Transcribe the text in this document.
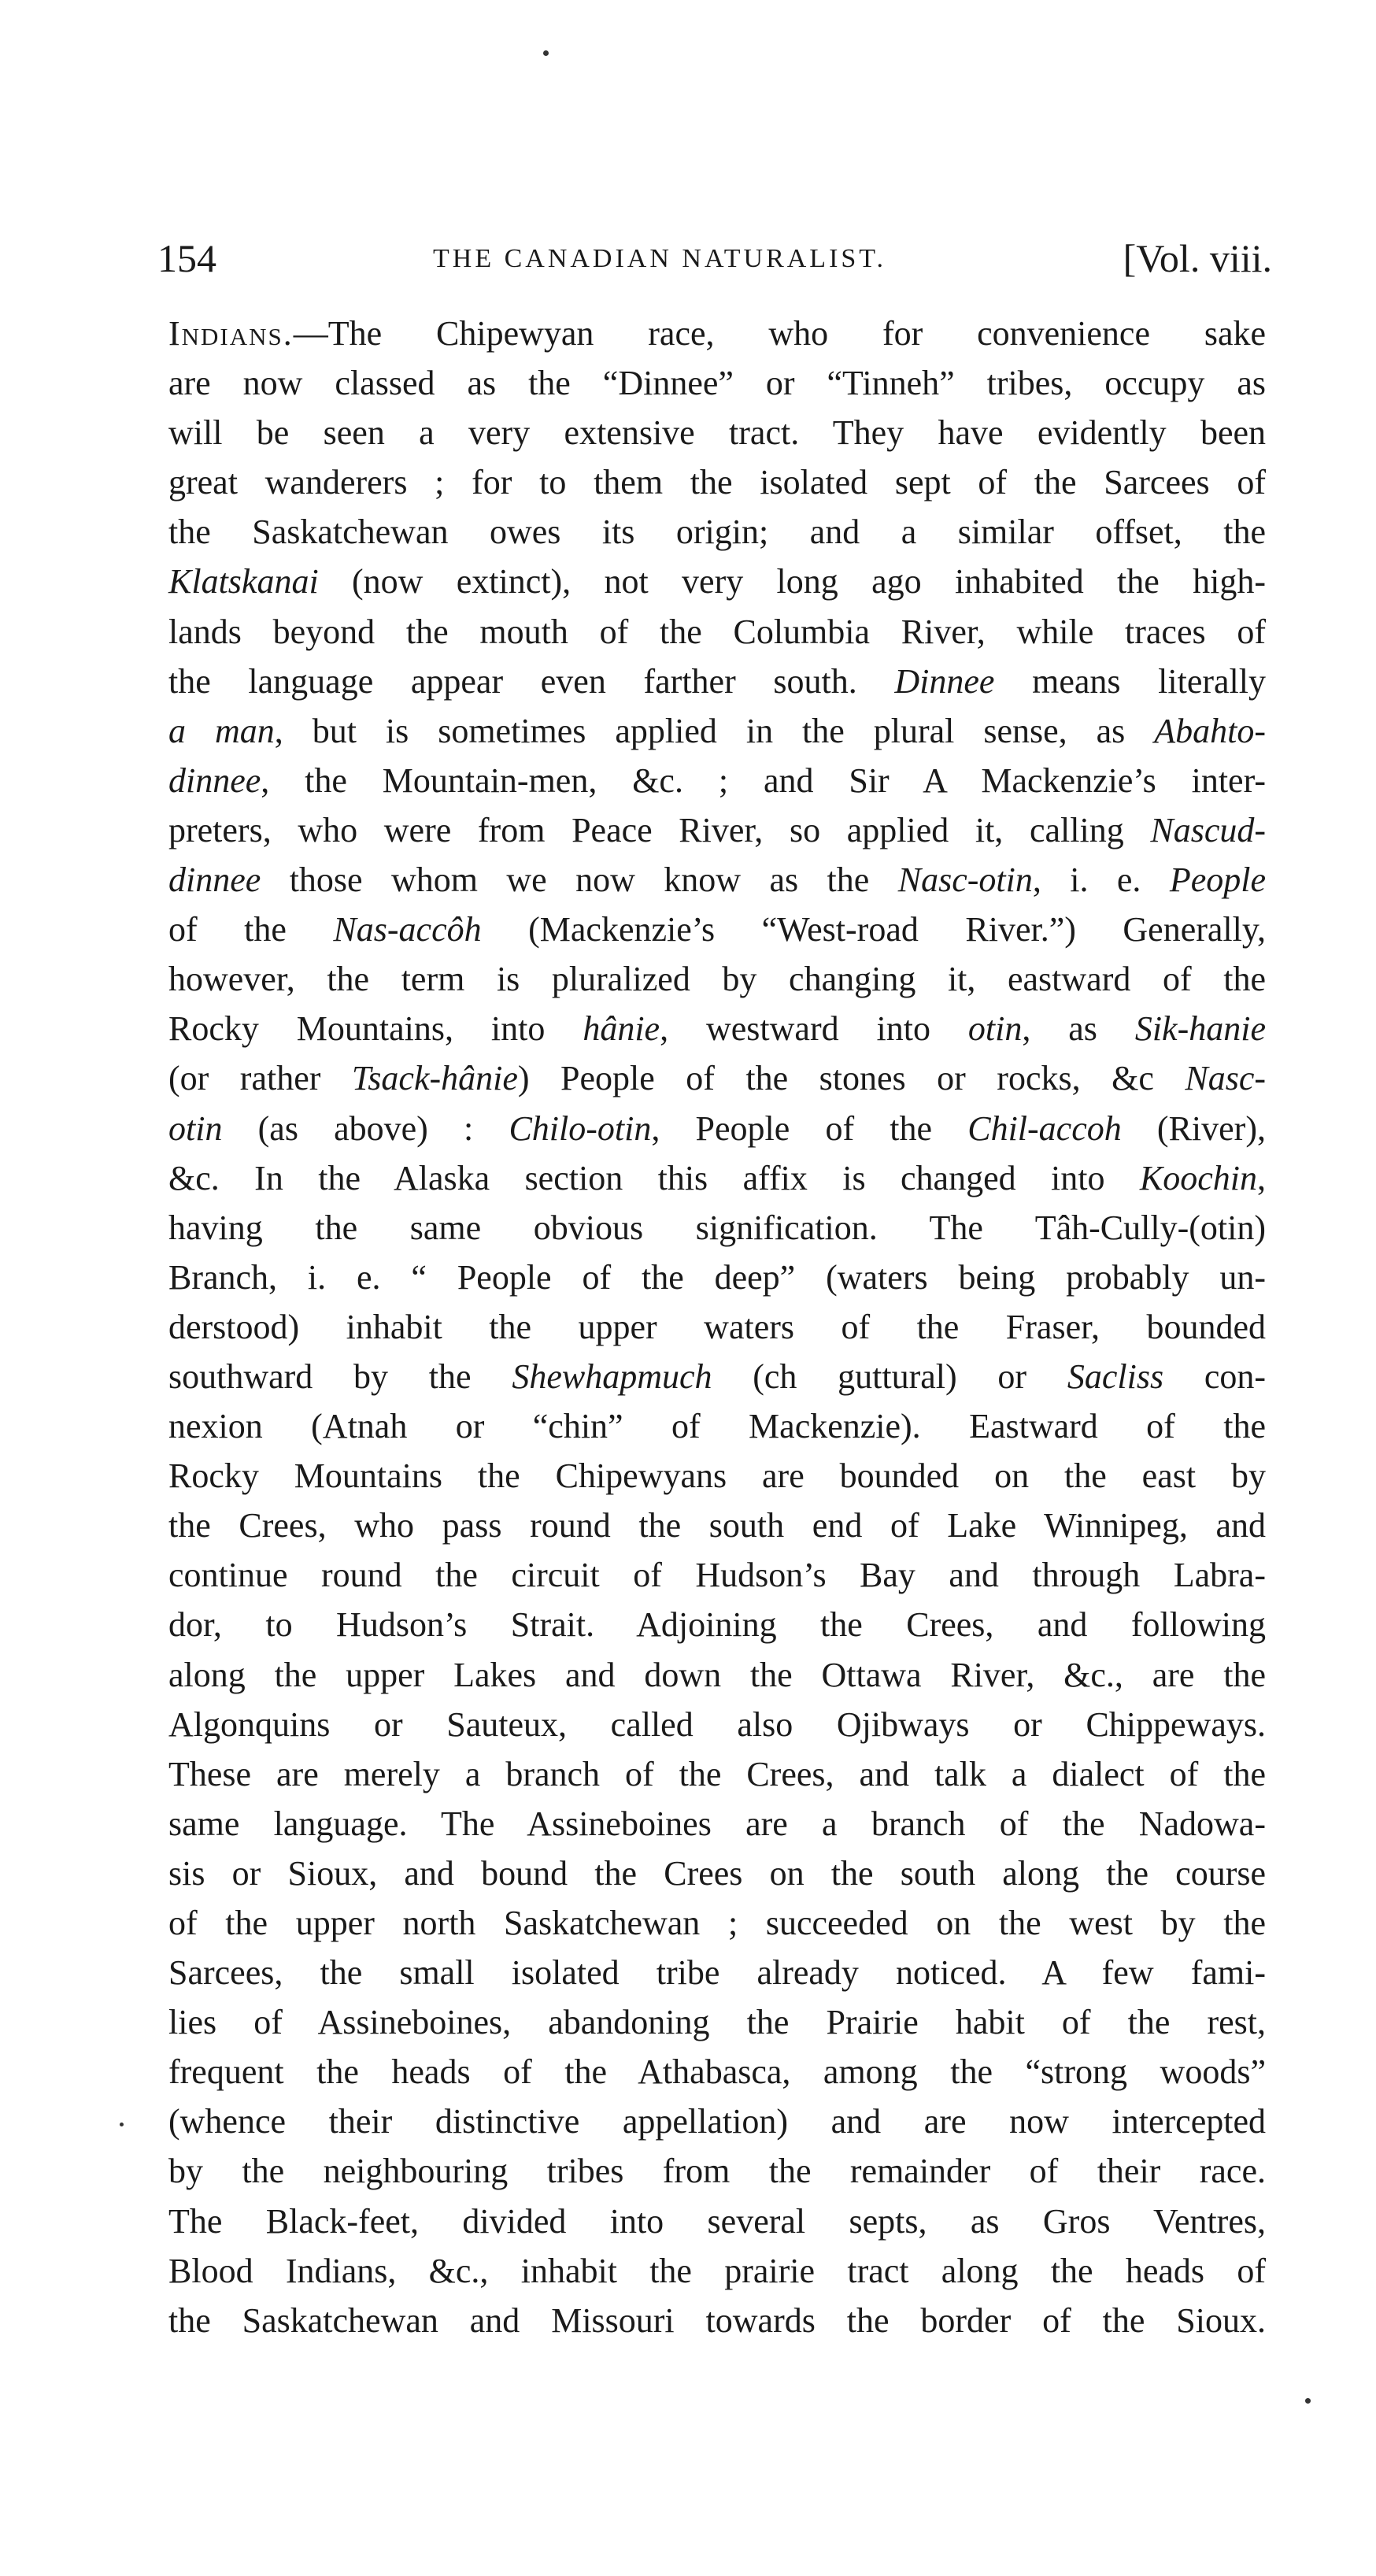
154	THE CANADIAN NATURALIST.	[Vol. viii.
Indians.—The Chipewyan race, who for convenience sake
are now classed as the “Dinnee” or “Tinneh” tribes, occupy as
will be seen a very extensive tract. They have evidently been
great wanderers ; for to them the isolated sept of the Sarcees of
the Saskatchewan owes its origin; and a similar offset, the
Klatskanai (now extinct), not very long ago inhabited the high-
lands beyond the mouth of the Columbia River, while traces of
the language appear even farther south. Dinnee means literally
a man, but is sometimes applied in the plural sense, as Abahto-
dinnee, the Mountain-men, &c. ; and Sir A Mackenzie’s inter-
preters, who were from Peace River, so applied it, calling Nascud-
dinnee those whom we now know as the Nasc-otin, i. e. People
of the Nas-accôh (Mackenzie’s “West-road River.”) Generally,
however, the term is pluralized by changing it, eastward of the
Rocky Mountains, into hânie, westward into otin, as Sik-hanie
(or rather Tsack-hânie) People of the stones or rocks, &c Nasc-
otin (as above) : Chilo-otin, People of the Chil-accoh (River),
&c. In the Alaska section this affix is changed into Koochin,
having the same obvious signification. The Tâh-Cully-(otin)
Branch, i. e. “ People of the deep” (waters being probably un-
derstood) inhabit the upper waters of the Fraser, bounded
southward by the Shewhapmuch (ch guttural) or Sacliss con-
nexion (Atnah or “chin” of Mackenzie). Eastward of the
Rocky Mountains the Chipewyans are bounded on the east by
the Crees, who pass round the south end of Lake Winnipeg, and
continue round the circuit of Hudson’s Bay and through Labra-
dor, to Hudson’s Strait. Adjoining the Crees, and following
along the upper Lakes and down the Ottawa River, &c., are the
Algonquins or Sauteux, called also Ojibways or Chippeways.
These are merely a branch of the Crees, and talk a dialect of the
same language. The Assineboines are a branch of the Nadowa-
sis or Sioux, and bound the Crees on the south along the course
of the upper north Saskatchewan ; succeeded on the west by the
Sarcees, the small isolated tribe already noticed. A few fami-
lies of Assineboines, abandoning the Prairie habit of the rest,
frequent the heads of the Athabasca, among the “strong woods”
(whence their distinctive appellation) and are now intercepted
by the neighbouring tribes from the remainder of their race.
The Black-feet, divided into several septs, as Gros Ventres,
Blood Indians, &c., inhabit the prairie tract along the heads of
the Saskatchewan and Missouri towards the border of the Sioux.
